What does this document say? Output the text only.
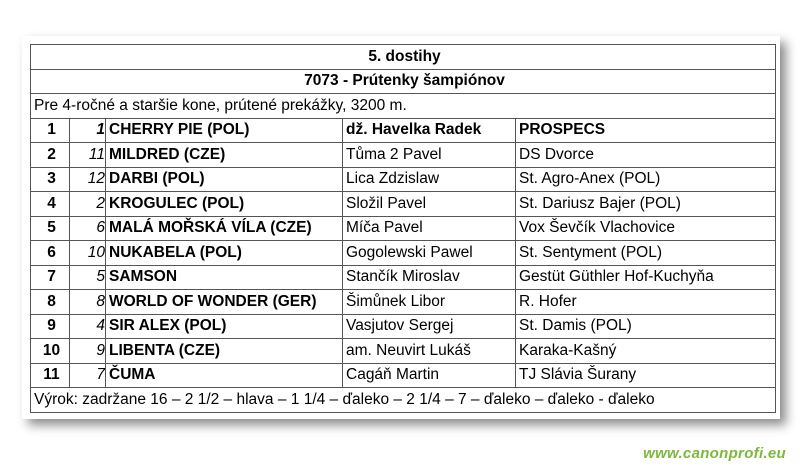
5. dostihy				
7073 - Prútenky šampiónov				
Pre 4-ročné a staršie kone, prútené prekážky, 3200 m.				
1	1	CHERRY PIE (POL)	dž. Havelka Radek	PROSPECS
2	11	MILDRED (CZE)	Tůma 2 Pavel	DS Dvorce
3	12	DARBI (POL)	Lica Zdzislaw	St. Agro-Anex (POL)
4	2	KROGULEC (POL)	Složil Pavel	St. Dariusz Bajer (POL)
5	6	MALÁ MOŘSKÁ VÍLA (CZE)	Míča Pavel	Vox Ševčík Vlachovice
6	10	NUKABELA (POL)	Gogolewski Pawel	St. Sentyment (POL)
7	5	SAMSON	Stančík Miroslav	Gestüt Güthler Hof-Kuchyňa
8	8	WORLD OF WONDER (GER)	Šimůnek Libor	R. Hofer
9	4	SIR ALEX (POL)	Vasjutov Sergej	St. Damis (POL)
10	9	LIBENTA (CZE)	am. Neuvirt Lukáš	Karaka-Kašný
11	7	ČUMA	Cagáň Martin	TJ Slávia Šurany
Výrok: zadržane 16 – 2 1/2 – hlava – 1 1/4 – ďaleko – 2 1/4 – 7 – ďaleko – ďaleko - ďaleko				
www.canonprofi.eu
